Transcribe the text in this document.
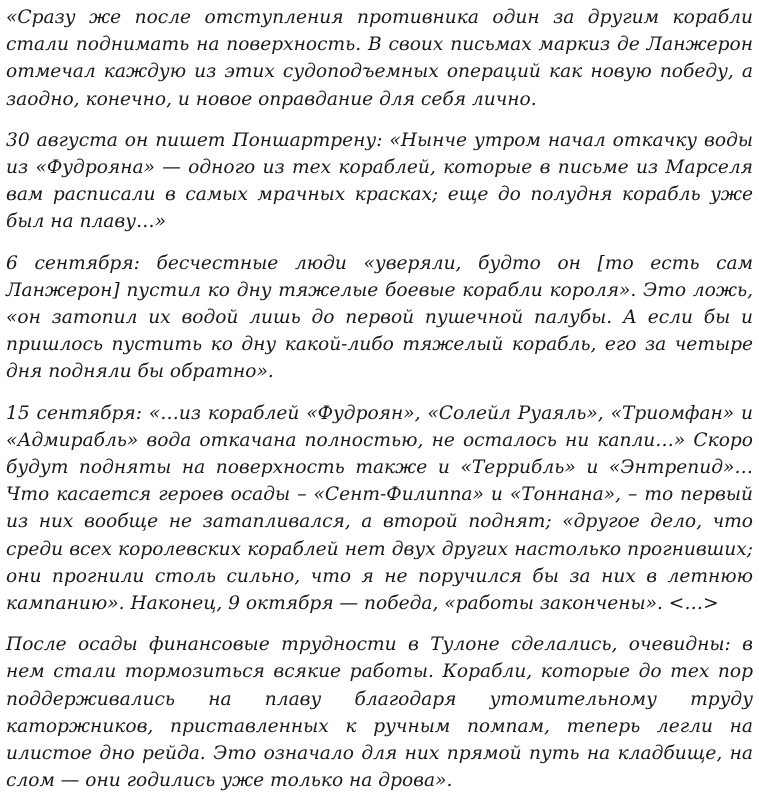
«Сразу же после отступления противника один за другим корабли стали поднимать на поверхность. В своих письмах маркиз де Ланжерон отмечал каждую из этих судоподъемных операций как новую победу, а заодно, конечно, и новое оправдание для себя лично.

30 августа он пишет Поншартрену: «Нынче утром начал откачку воды из «Фудрояна» — одного из тех кораблей, которые в письме из Марселя вам расписали в самых мрачных красках; еще до полудня корабль уже был на плаву…»

6 сентября: бесчестные люди «уверяли, будто он [то есть сам Ланжерон] пустил ко дну тяжелые боевые корабли короля». Это ложь, «он затопил их водой лишь до первой пушечной палубы. А если бы и пришлось пустить ко дну какой-либо тяжелый корабль, его за четыре дня подняли бы обратно».

15 сентября: «…из кораблей «Фудроян», «Солейл Руаяль», «Триомфан» и «Адмирабль» вода откачана полностью, не осталось ни капли…» Скоро будут подняты на поверхность также и «Террибль» и «Энтрепид»… Что касается героев осады – «Сент-Филиппа» и «Тоннана», – то первый из них вообще не затапливался, а второй поднят; «другое дело, что среди всех королевских кораблей нет двух других настолько прогнивших; они прогнили столь сильно, что я не поручился бы за них в летнюю кампанию». Наконец, 9 октября — победа, «работы закончены». <…>

После осады финансовые трудности в Тулоне сделались, очевидны: в нем стали тормозиться всякие работы. Корабли, которые до тех пор поддерживались на плаву благодаря утомительному труду каторжников, приставленных к ручным помпам, теперь легли на илистое дно рейда. Это означало для них прямой путь на кладбище, на слом — они годились уже только на дрова».
